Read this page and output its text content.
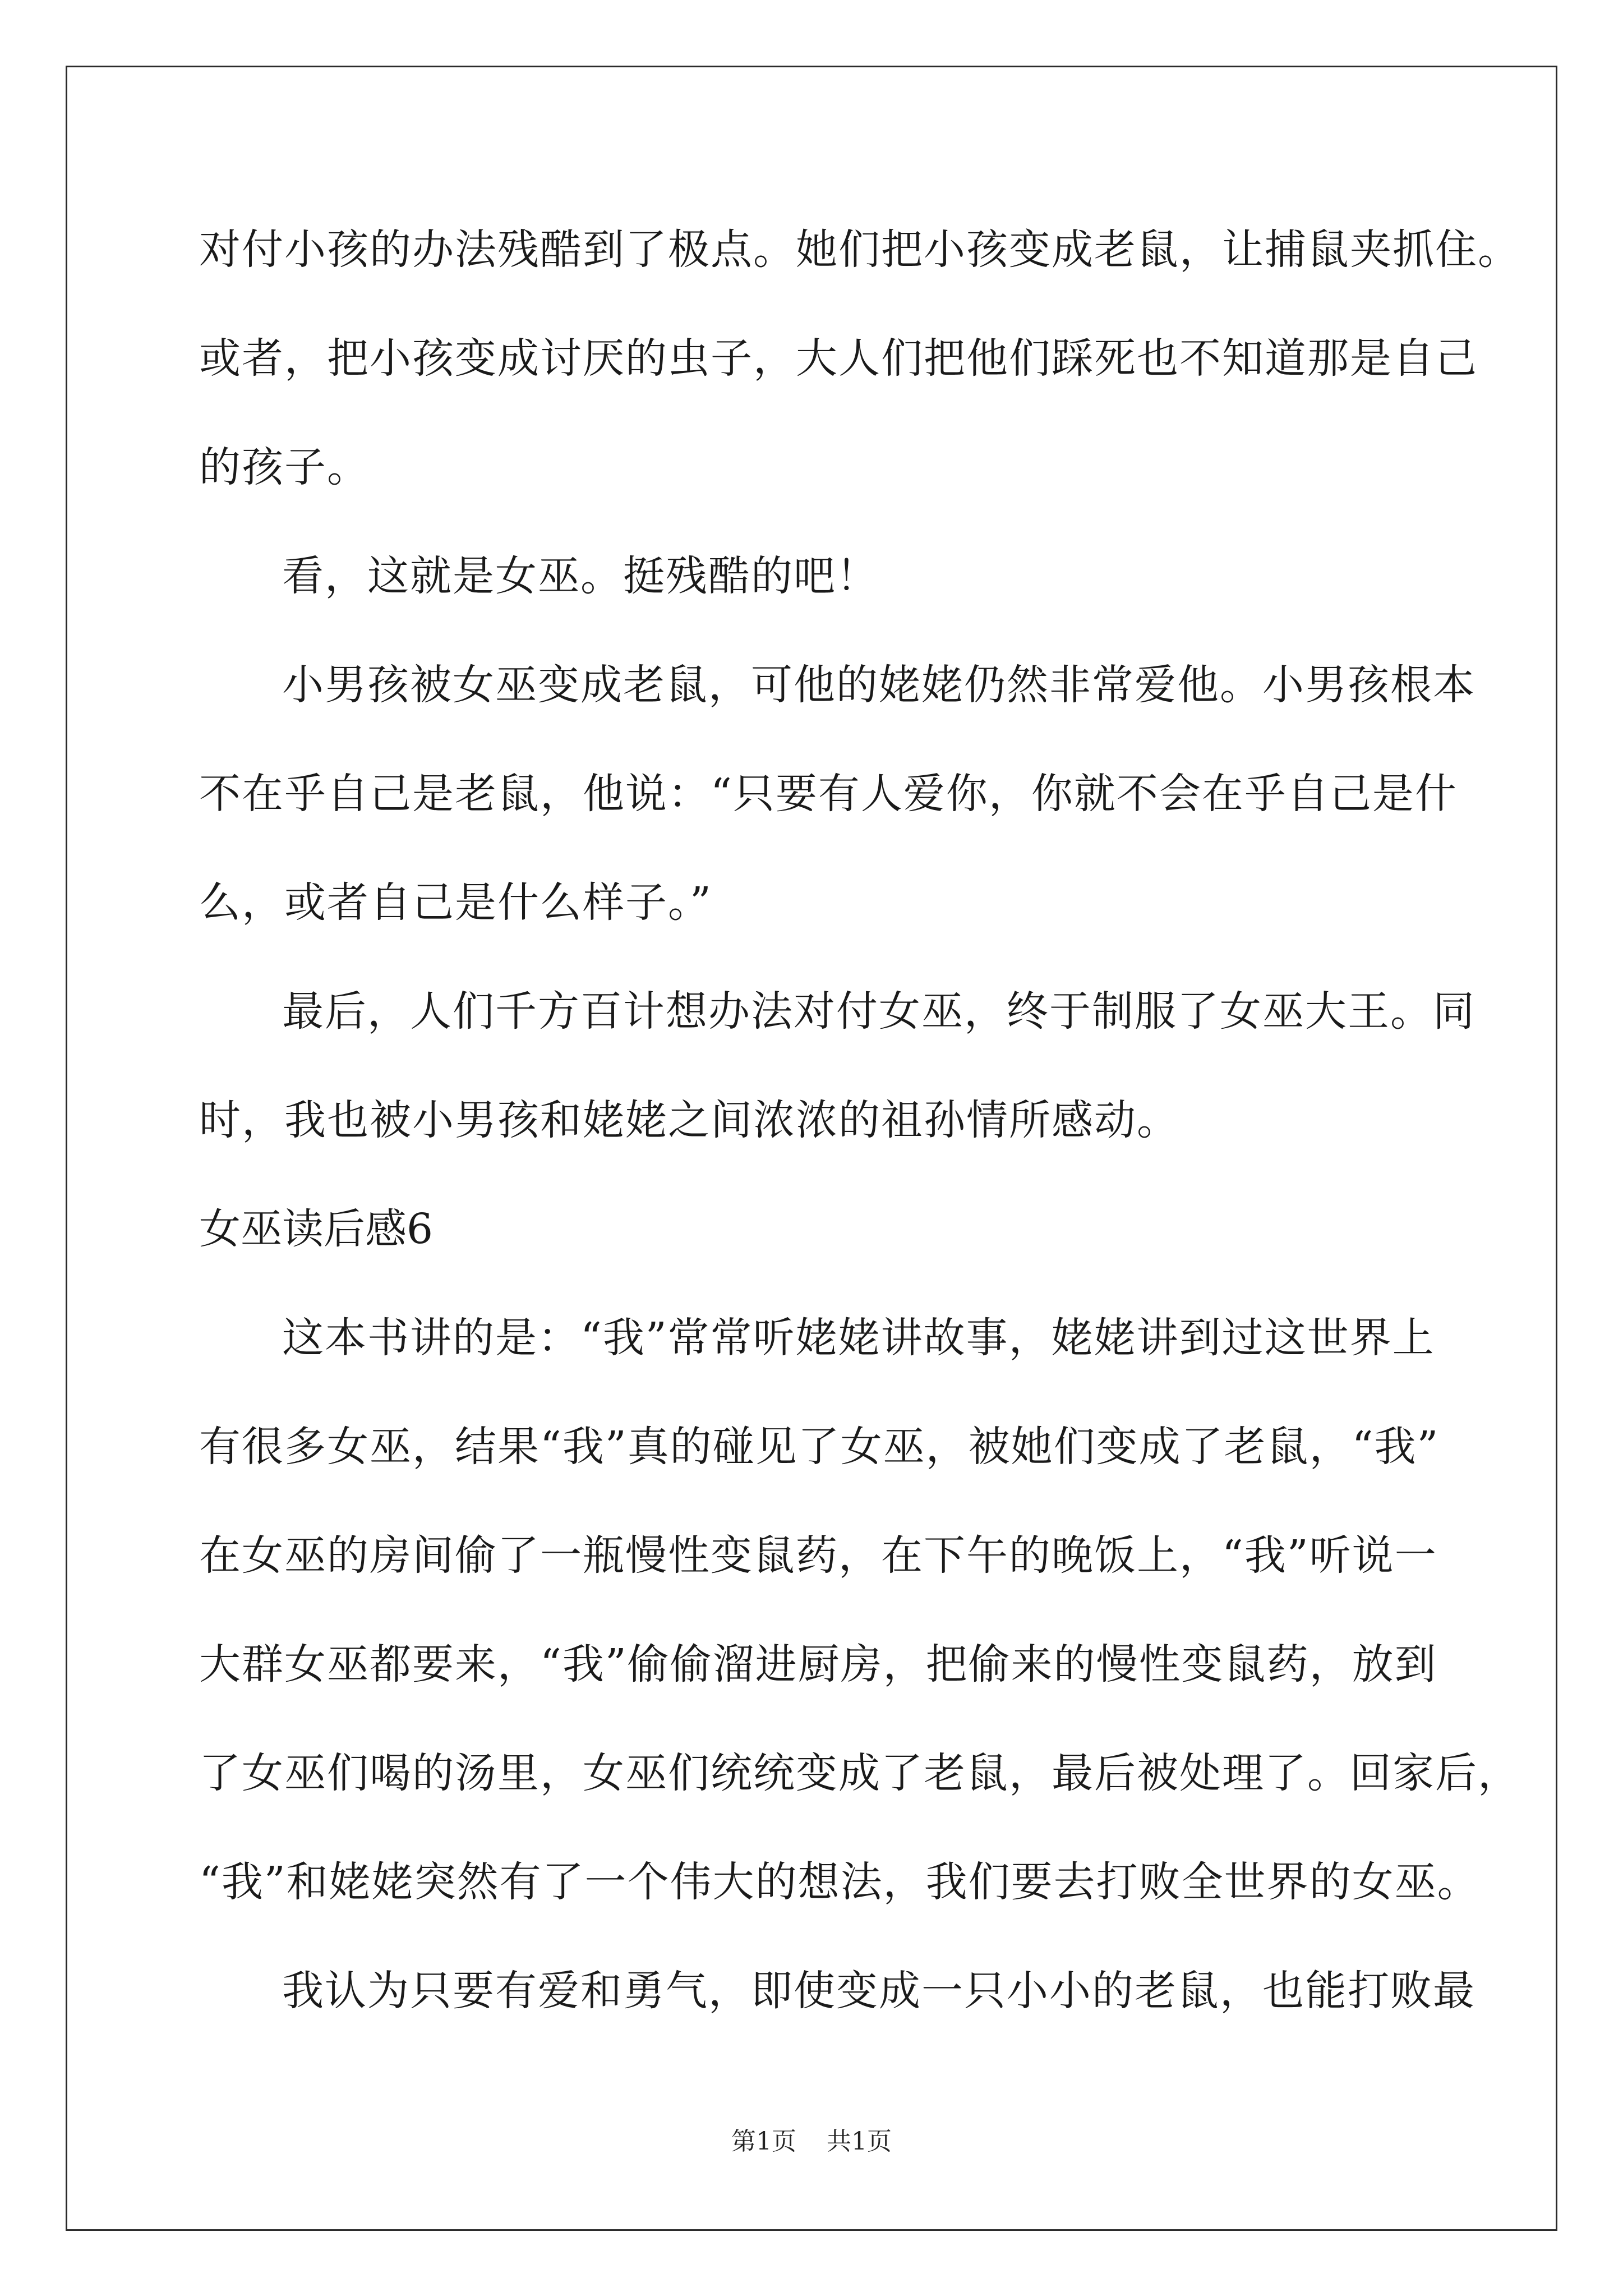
对付小孩的办法残酷到了极点。她们把小孩变成老鼠，让捕鼠夹抓住。
或者，把小孩变成讨厌的虫子，大人们把他们踩死也不知道那是自己
的孩子。
看，这就是女巫。挺残酷的吧！
小男孩被女巫变成老鼠，可他的姥姥仍然非常爱他。小男孩根本
不在乎自己是老鼠，他说：“只要有人爱你，你就不会在乎自己是什
么，或者自己是什么样子。”
最后，人们千方百计想办法对付女巫，终于制服了女巫大王。同
时，我也被小男孩和姥姥之间浓浓的祖孙情所感动。
女巫读后感6
这本书讲的是：“我”常常听姥姥讲故事，姥姥讲到过这世界上
有很多女巫，结果“我”真的碰见了女巫，被她们变成了老鼠，“我”
在女巫的房间偷了一瓶慢性变鼠药，在下午的晚饭上，“我”听说一
大群女巫都要来，“我”偷偷溜进厨房，把偷来的慢性变鼠药，放到
了女巫们喝的汤里，女巫们统统变成了老鼠，最后被处理了。回家后，
“我”和姥姥突然有了一个伟大的想法，我们要去打败全世界的女巫。
我认为只要有爱和勇气，即使变成一只小小的老鼠，也能打败最
第1页 共1页
